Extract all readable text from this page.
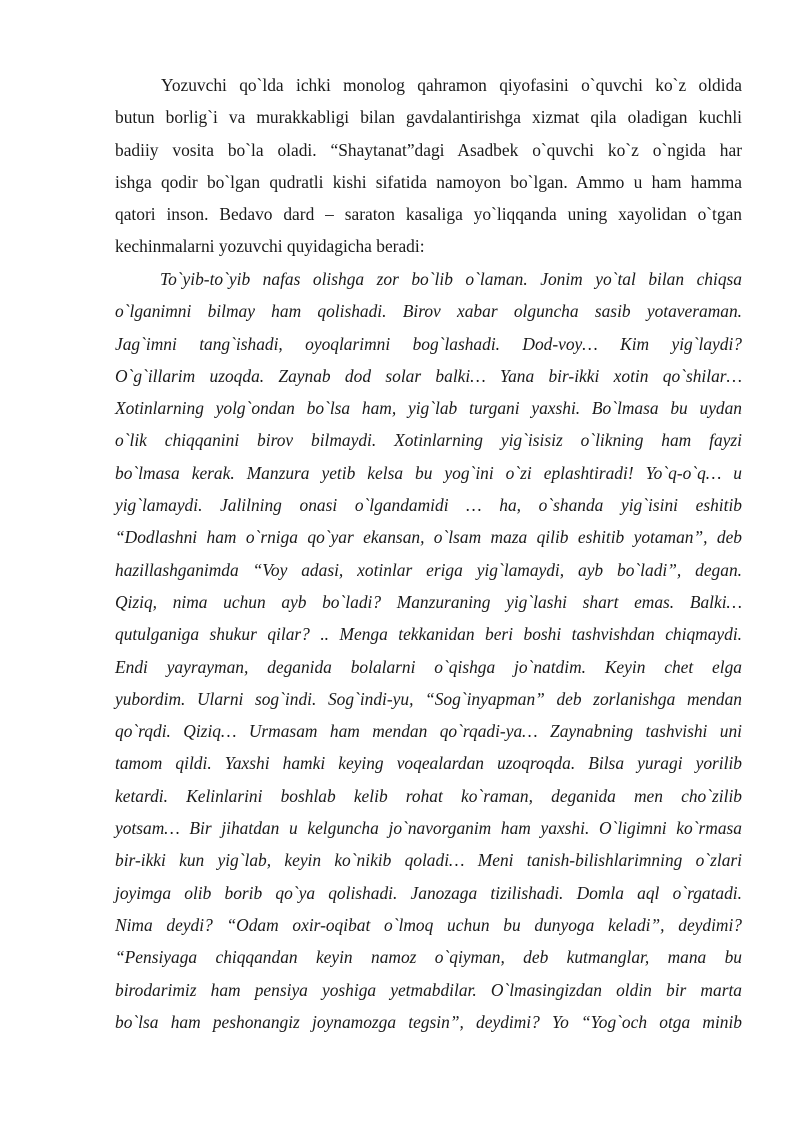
Yozuvchi qo`lda ichki monolog qahramon qiyofasini o`quvchi ko`z oldida
butun borlig`i va murakkabligi bilan gavdalantirishga xizmat qila oladigan kuchli
badiiy vosita bo`la oladi. “Shaytanat”dagi Asadbek o`quvchi ko`z o`ngida har
ishga qodir bo`lgan qudratli kishi sifatida namoyon bo`lgan. Ammo u ham hamma
qatori inson. Bedavo dard – saraton kasaliga yo`liqqanda uning xayolidan o`tgan
kechinmalarni yozuvchi quyidagicha beradi:
To`yib-to`yib nafas olishga zor bo`lib o`laman. Jonim yo`tal bilan chiqsa
o`lganimni bilmay ham qolishadi. Birov xabar olguncha sasib yotaveraman.
Jag`imni tang`ishadi, oyoqlarimni bog`lashadi. Dod-voy… Kim yig`laydi?
O`g`illarim uzoqda. Zaynab dod solar balki… Yana bir-ikki xotin qo`shilar…
Xotinlarning yolg`ondan bo`lsa ham, yig`lab turgani yaxshi. Bo`lmasa bu uydan
o`lik chiqqanini birov bilmaydi. Xotinlarning yig`isisiz o`likning ham fayzi
bo`lmasa kerak. Manzura yetib kelsa bu yog`ini o`zi eplashtiradi! Yo`q-o`q… u
yig`lamaydi. Jalilning onasi o`lgandamidi … ha, o`shanda yig`isini eshitib
“Dodlashni ham o`rniga qo`yar ekansan, o`lsam maza qilib eshitib yotaman”, deb
hazillashganimda “Voy adasi, xotinlar eriga yig`lamaydi, ayb bo`ladi”, degan.
Qiziq, nima uchun ayb bo`ladi? Manzuraning yig`lashi shart emas. Balki…
qutulganiga shukur qilar? .. Menga tekkanidan beri boshi tashvishdan chiqmaydi.
Endi yayrayman, deganida bolalarni o`qishga jo`natdim. Keyin chet elga
yubordim. Ularni sog`indi. Sog`indi-yu, “Sog`inyapman” deb zorlanishga mendan
qo`rqdi. Qiziq… Urmasam ham mendan qo`rqadi-ya… Zaynabning tashvishi uni
tamom qildi. Yaxshi hamki keying voqealardan uzoqroqda. Bilsa yuragi yorilib
ketardi. Kelinlarini boshlab kelib rohat ko`raman, deganida men cho`zilib
yotsam… Bir jihatdan u kelguncha jo`navorganim ham yaxshi. O`ligimni ko`rmasa
bir-ikki kun yig`lab, keyin ko`nikib qoladi… Meni tanish-bilishlarimning o`zlari
joyimga olib borib qo`ya qolishadi. Janozaga tizilishadi. Domla aql o`rgatadi.
Nima deydi? “Odam oxir-oqibat o`lmoq uchun bu dunyoga keladi”, deydimi?
“Pensiyaga chiqqandan keyin namoz o`qiyman, deb kutmanglar, mana bu
birodarimiz ham pensiya yoshiga yetmabdilar. O`lmasingizdan oldin bir marta
bo`lsa ham peshonangiz joynamozga tegsin”, deydimi? Yo “Yog`och otga minib
